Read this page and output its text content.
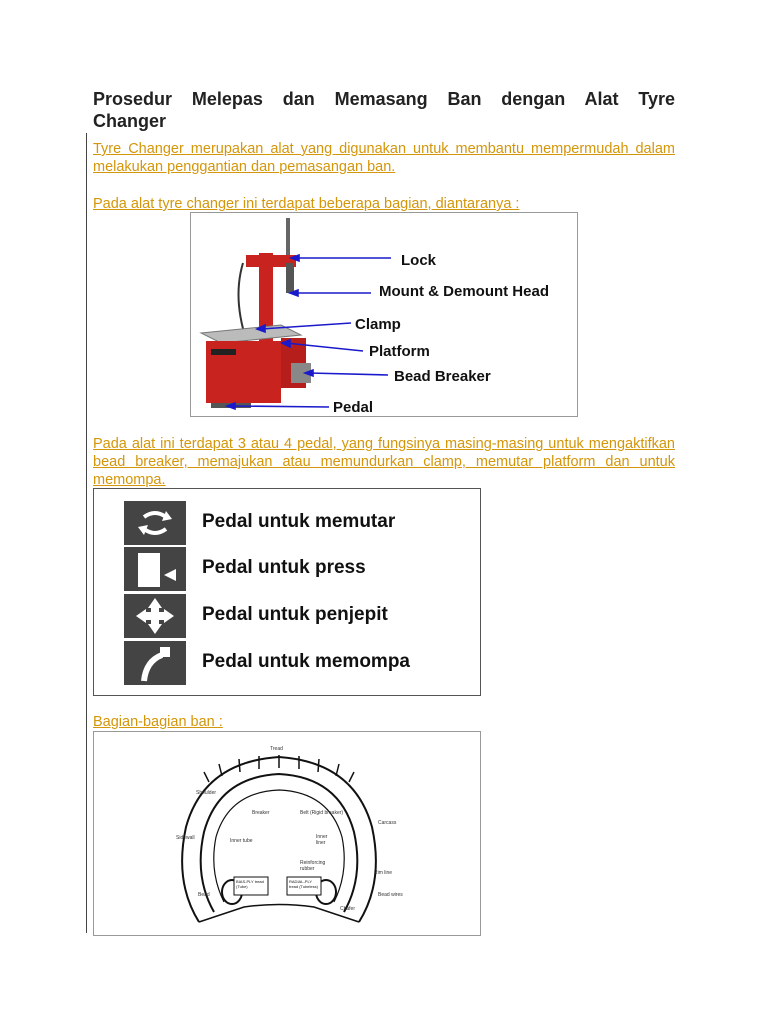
Prosedur Melepas dan Memasang Ban dengan Alat Tyre
Changer
Tyre Changer merupakan alat yang digunakan untuk membantu mempermudah dalam melakukan penggantian dan pemasangan ban.
Pada alat tyre changer ini terdapat beberapa bagian, diantaranya :
Lock
Mount & Demount Head
Clamp
Platform
Bead Breaker
Pedal
Pada alat ini terdapat 3 atau 4 pedal, yang fungsinya masing-masing untuk mengaktifkan bead breaker, memajukan atau memundurkan clamp, memutar platform dan untuk memompa.
Pedal untuk memutar
Pedal untuk press
Pedal untuk penjepit
Pedal untuk memompa
Bagian-bagian ban :
Tread
Shoulder
Breaker	Belt (Rigid breaker)
Carcass
Sidewall	Inner tube
Inner liner
Reinforcing rubber
Rim line
BIAS-PLY tread (Tube)
RADIAL-PLY tread (Tubeless)
Bead	Bead wires
Chafer
